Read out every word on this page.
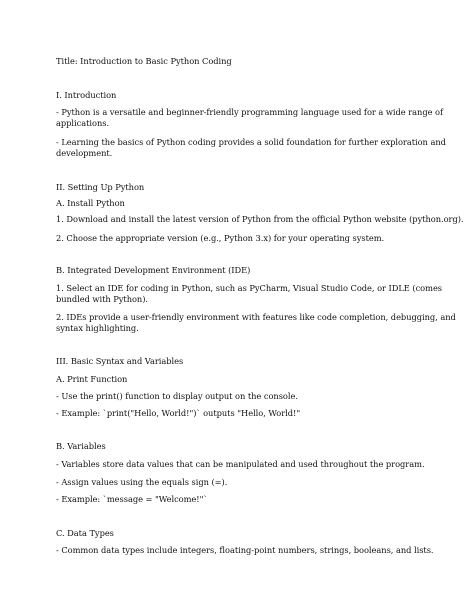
Title: Introduction to Basic Python Coding
I. Introduction
- Python is a versatile and beginner-friendly programming language used for a wide range of
applications.
- Learning the basics of Python coding provides a solid foundation for further exploration and
development.
II. Setting Up Python
A. Install Python
1. Download and install the latest version of Python from the official Python website (python.org).
2. Choose the appropriate version (e.g., Python 3.x) for your operating system.
B. Integrated Development Environment (IDE)
1. Select an IDE for coding in Python, such as PyCharm, Visual Studio Code, or IDLE (comes
bundled with Python).
2. IDEs provide a user-friendly environment with features like code completion, debugging, and
syntax highlighting.
III. Basic Syntax and Variables
A. Print Function
- Use the print() function to display output on the console.
- Example: `print("Hello, World!")` outputs "Hello, World!"
B. Variables
- Variables store data values that can be manipulated and used throughout the program.
- Assign values using the equals sign (=).
- Example: `message = "Welcome!"`
C. Data Types
- Common data types include integers, floating-point numbers, strings, booleans, and lists.
